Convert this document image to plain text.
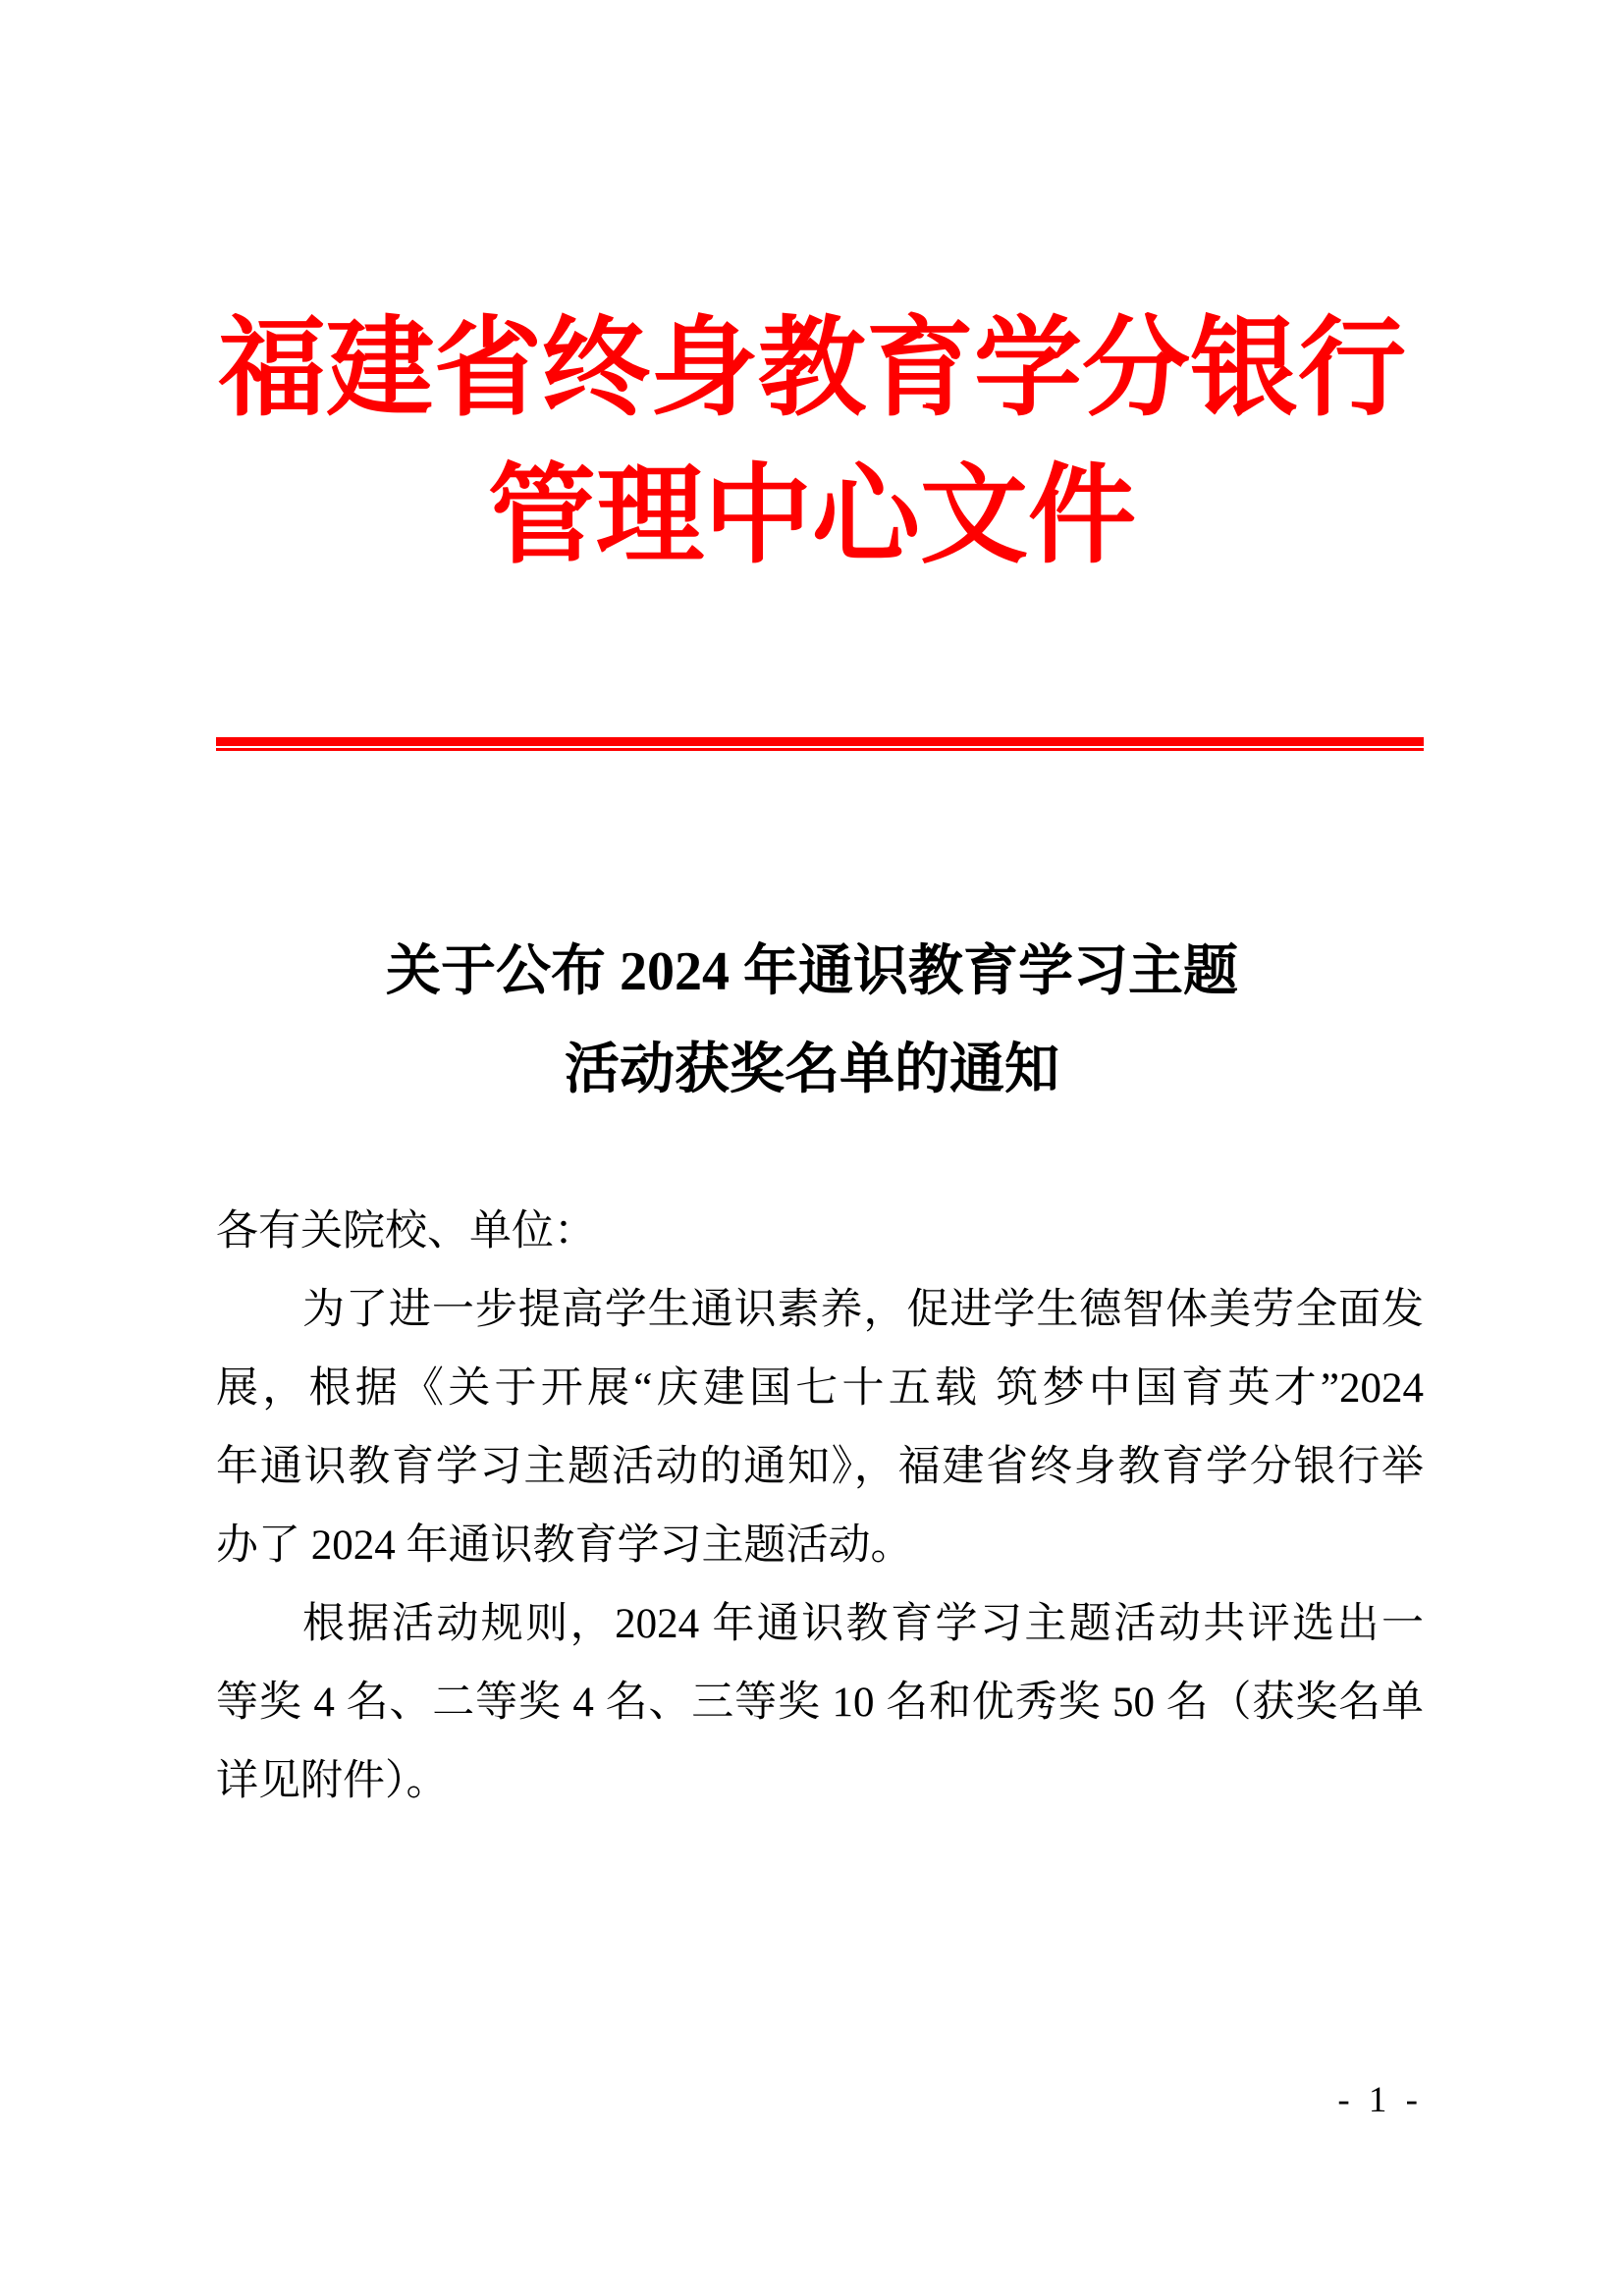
福建省终身教育学分银行
管理中心文件
关于公布 2024 年通识教育学习主题
活动获奖名单的通知
各有关院校、单位：
为了进一步提高学生通识素养，促进学生德智体美劳全面发
展，根据《关于开展“庆建国七十五载 筑梦中国育英才”2024
年通识教育学习主题活动的通知》，福建省终身教育学分银行举
办了 2024 年通识教育学习主题活动。
根据活动规则，2024 年通识教育学习主题活动共评选出一
等奖 4 名、二等奖 4 名、三等奖 10 名和优秀奖 50 名（获奖名单
详见附件）。
- 1 -
